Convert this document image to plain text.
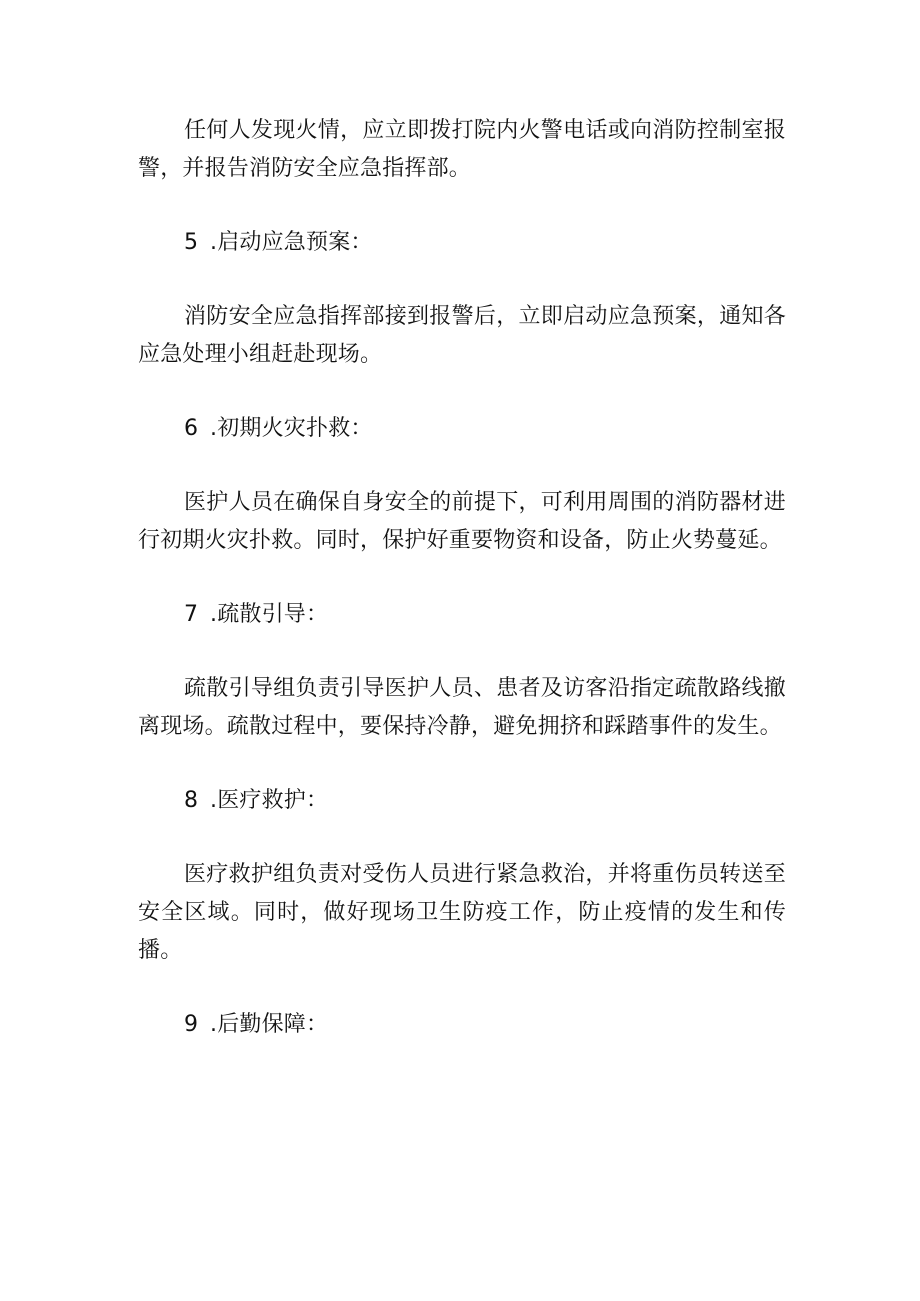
任何人发现火情，应立即拨打院内火警电话或向消防控制室报警，并报告消防安全应急指挥部。

5 .启动应急预案：

消防安全应急指挥部接到报警后，立即启动应急预案，通知各应急处理小组赶赴现场。

6 .初期火灾扑救：

医护人员在确保自身安全的前提下，可利用周围的消防器材进行初期火灾扑救。同时，保护好重要物资和设备，防止火势蔓延。

7 .疏散引导：

疏散引导组负责引导医护人员、患者及访客沿指定疏散路线撤离现场。疏散过程中，要保持冷静，避免拥挤和踩踏事件的发生。

8 .医疗救护：

医疗救护组负责对受伤人员进行紧急救治，并将重伤员转送至安全区域。同时，做好现场卫生防疫工作，防止疫情的发生和传播。

9 .后勤保障：
